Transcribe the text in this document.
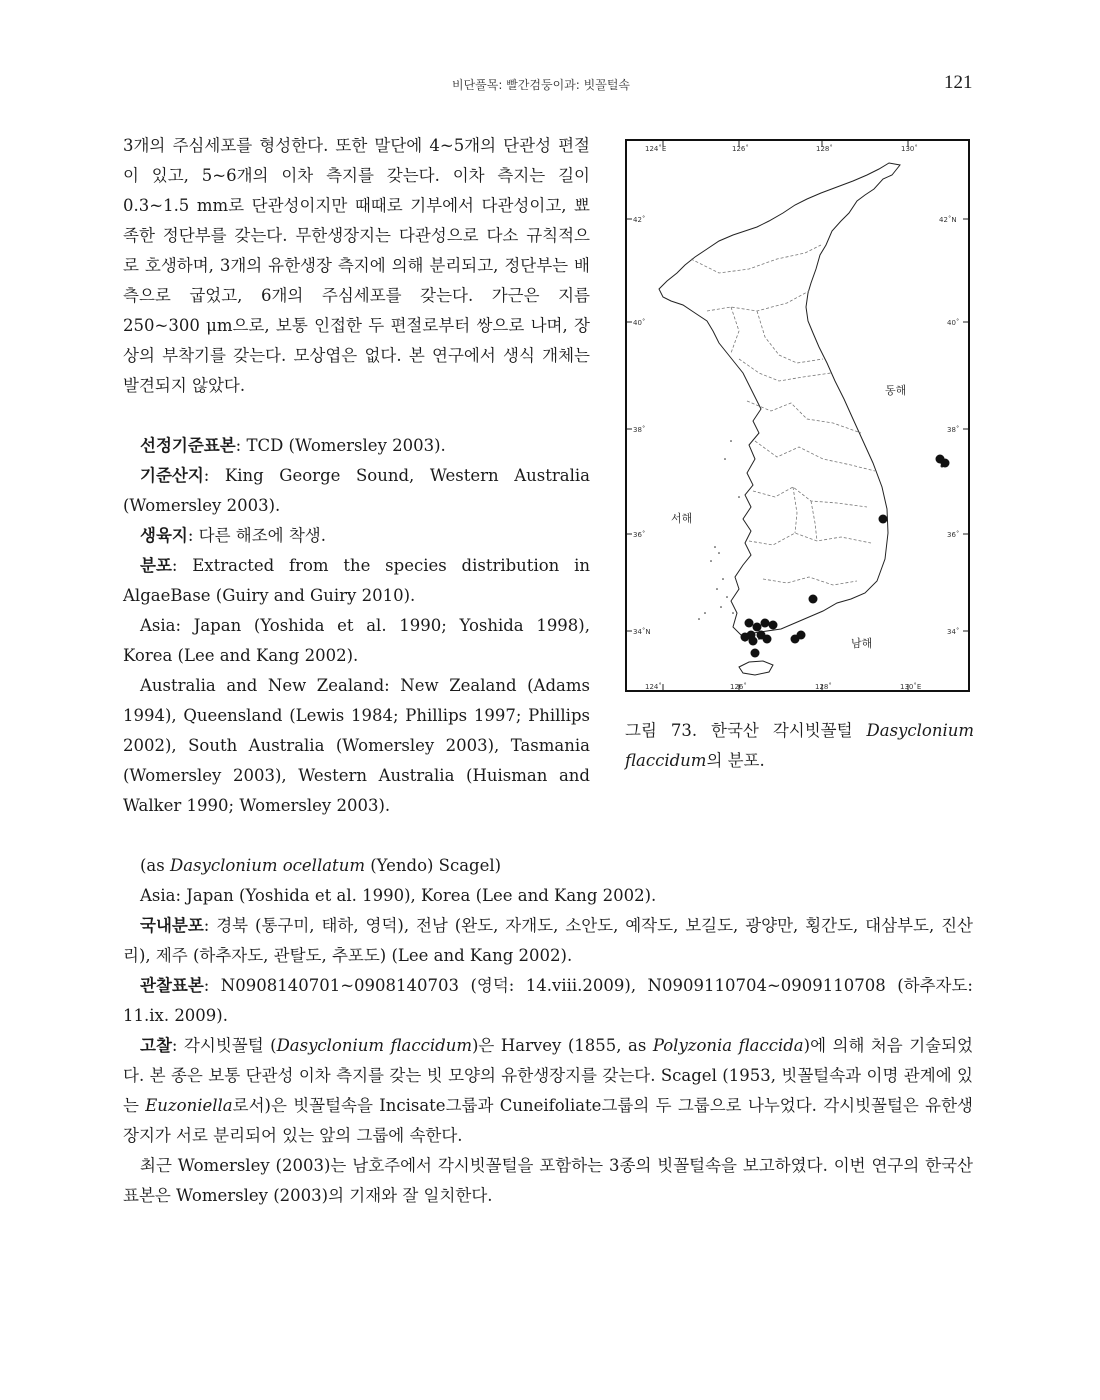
비단풀목: 빨간검둥이과: 빗꼴털속	121

3개의 주심세포를 형성한다. 또한 말단에 4~5개의 단관성 편절이 있고, 5~6개의 이차 측지를 갖는다. 이차 측지는 길이 0.3~1.5 mm로 단관성이지만 때때로 기부에서 다관성이고, 뾰족한 정단부를 갖는다. 무한생장지는 다관성으로 다소 규칙적으로 호생하며, 3개의 유한생장 측지에 의해 분리되고, 정단부는 배측으로 굽었고, 6개의 주심세포를 갖는다. 가근은 지름 250~300 μm으로, 보통 인접한 두 편절로부터 쌍으로 나며, 장상의 부착기를 갖는다. 모상엽은 없다. 본 연구에서 생식 개체는 발견되지 않았다.

선정기준표본: TCD (Womersley 2003).

기준산지: King George Sound, Western Australia (Womersley 2003).

생육지: 다른 해조에 착생.

분포: Extracted from the species distribution in AlgaeBase (Guiry and Guiry 2010).

Asia: Japan (Yoshida et al. 1990; Yoshida 1998), Korea (Lee and Kang 2002).

Australia and New Zealand: New Zealand (Adams 1994), Queensland (Lewis 1984; Phillips 1997; Phillips 2002), South Australia (Womersley 2003), Tasmania (Womersley 2003), Western Australia (Huisman and Walker 1990; Womersley 2003).

(as Dasyclonium ocellatum (Yendo) Scagel)

Asia: Japan (Yoshida et al. 1990), Korea (Lee and Kang 2002).

국내분포: 경북 (통구미, 태하, 영덕), 전남 (완도, 자개도, 소안도, 예작도, 보길도, 광양만, 횡간도, 대삼부도, 진산리), 제주 (하추자도, 관탈도, 추포도) (Lee and Kang 2002).

관찰표본: N0908140701~0908140703 (영덕: 14.viii.2009), N0909110704~0909110708 (하추자도: 11.ix. 2009).

고찰: 각시빗꼴털 (Dasyclonium flaccidum)은 Harvey (1855, as Polyzonia flaccida)에 의해 처음 기술되었다. 본 종은 보통 단관성 이차 측지를 갖는 빗 모양의 유한생장지를 갖는다. Scagel (1953, 빗꼴털속과 이명 관계에 있는 Euzoniella로서)은 빗꼴털속을 Incisate그룹과 Cuneifoliate그룹의 두 그룹으로 나누었다. 각시빗꼴털은 유한생장지가 서로 분리되어 있는 앞의 그룹에 속한다.

최근 Womersley (2003)는 남호주에서 각시빗꼴털을 포함하는 3종의 빗꼴털속을 보고하였다. 이번 연구의 한국산 표본은 Womersley (2003)의 기재와 잘 일치한다.

124˚E	126˚	128˚	130˚
124˚	126˚	128˚	130˚E
42˚
40˚
38˚
36˚
34˚N
42˚N
40˚
38˚
36˚
34˚
동해
서해
남해
그림 73. 한국산 각시빗꼴털 Dasyclonium flaccidum의 분포.
